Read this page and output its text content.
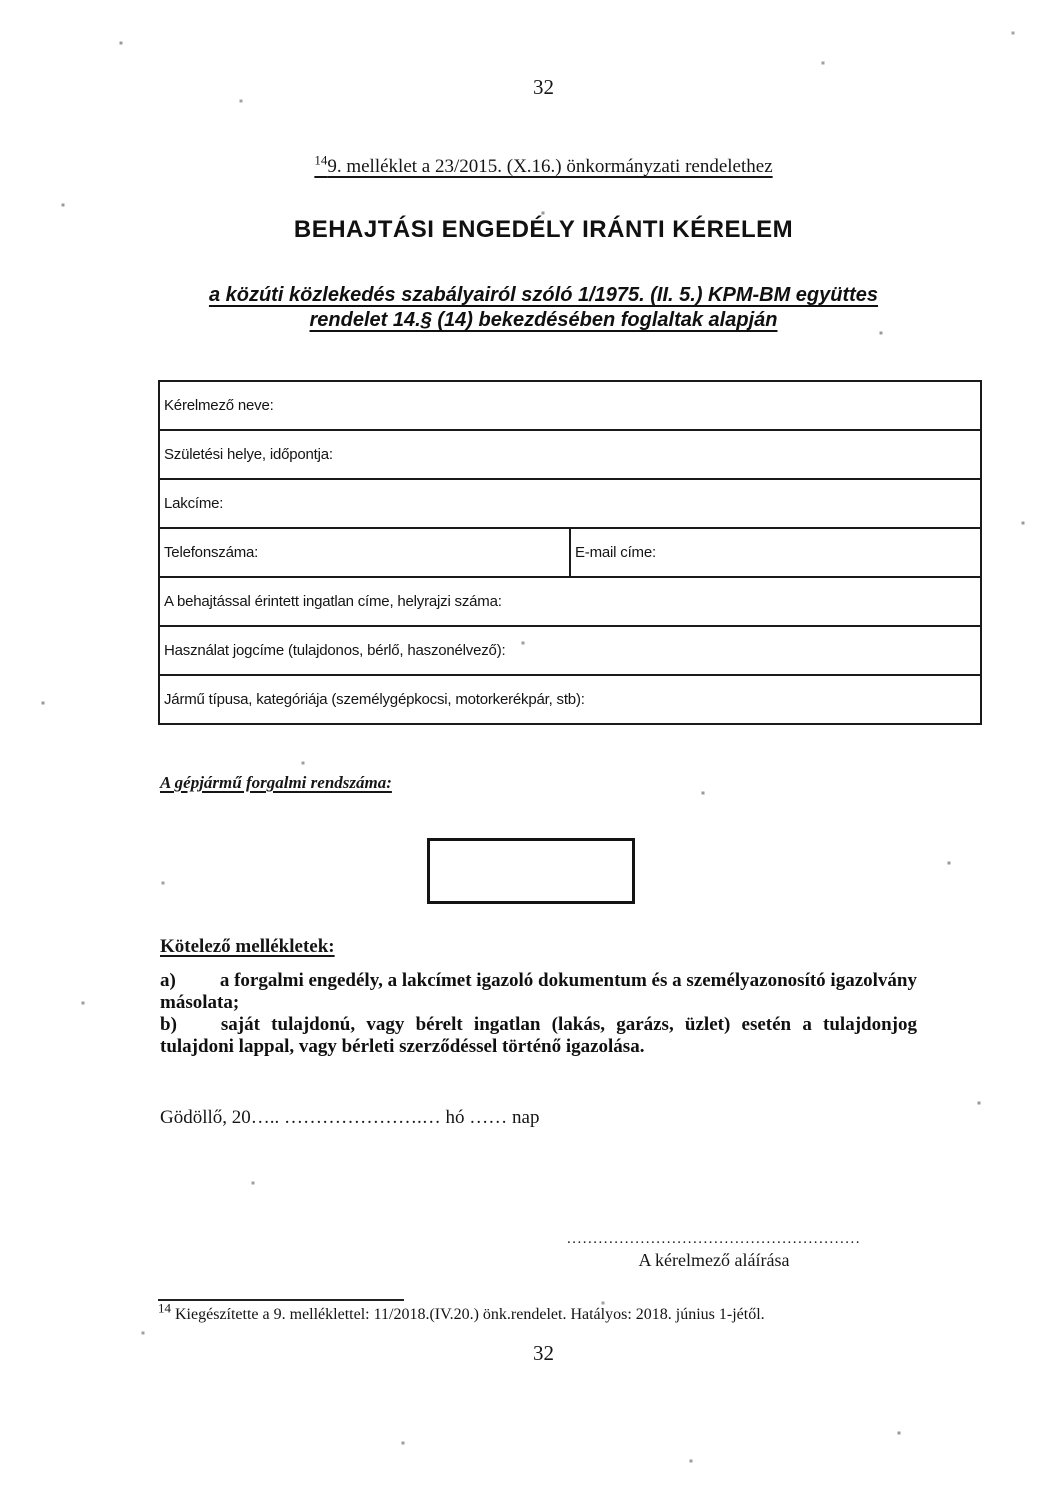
32
$^{14}$9. melléklet a 23/2015. (X.16.) önkormányzati rendelethez
BEHAJTÁSI ENGEDÉLY IRÁNTI KÉRELEM
a közúti közlekedés szabályairól szóló 1/1975. (II. 5.) KPM-BM együttes
rendelet 14.§ (14) bekezdésében foglaltak alapján
Kérelmező neve:
Születési helye, időpontja:
Lakcíme:
Telefonszáma:	E-mail címe:
A behajtással érintett ingatlan címe, helyrajzi száma:
Használat jogcíme (tulajdonos, bérlő, haszonélvező):
Jármű típusa, kategóriája (személygépkocsi, motorkerékpár, stb):
A gépjármű forgalmi rendszáma:
Kötelező mellékletek:

a) a forgalmi engedély, a lakcímet igazoló dokumentum és a személyazonosító igazolvány másolata;

b) saját tulajdonú, vagy bérelt ingatlan (lakás, garázs, üzlet) esetén a tulajdonjog tulajdoni lappal, vagy bérleti szerződéssel történő igazolása.

Gödöllő, 20….. ………………….… hó …… nap
........................................................
A kérelmező aláírása
$^{14}$ Kiegészítette a 9. melléklettel: 11/2018.(IV.20.) önk.rendelet. Hatályos: 2018. június 1-jétől.
32
